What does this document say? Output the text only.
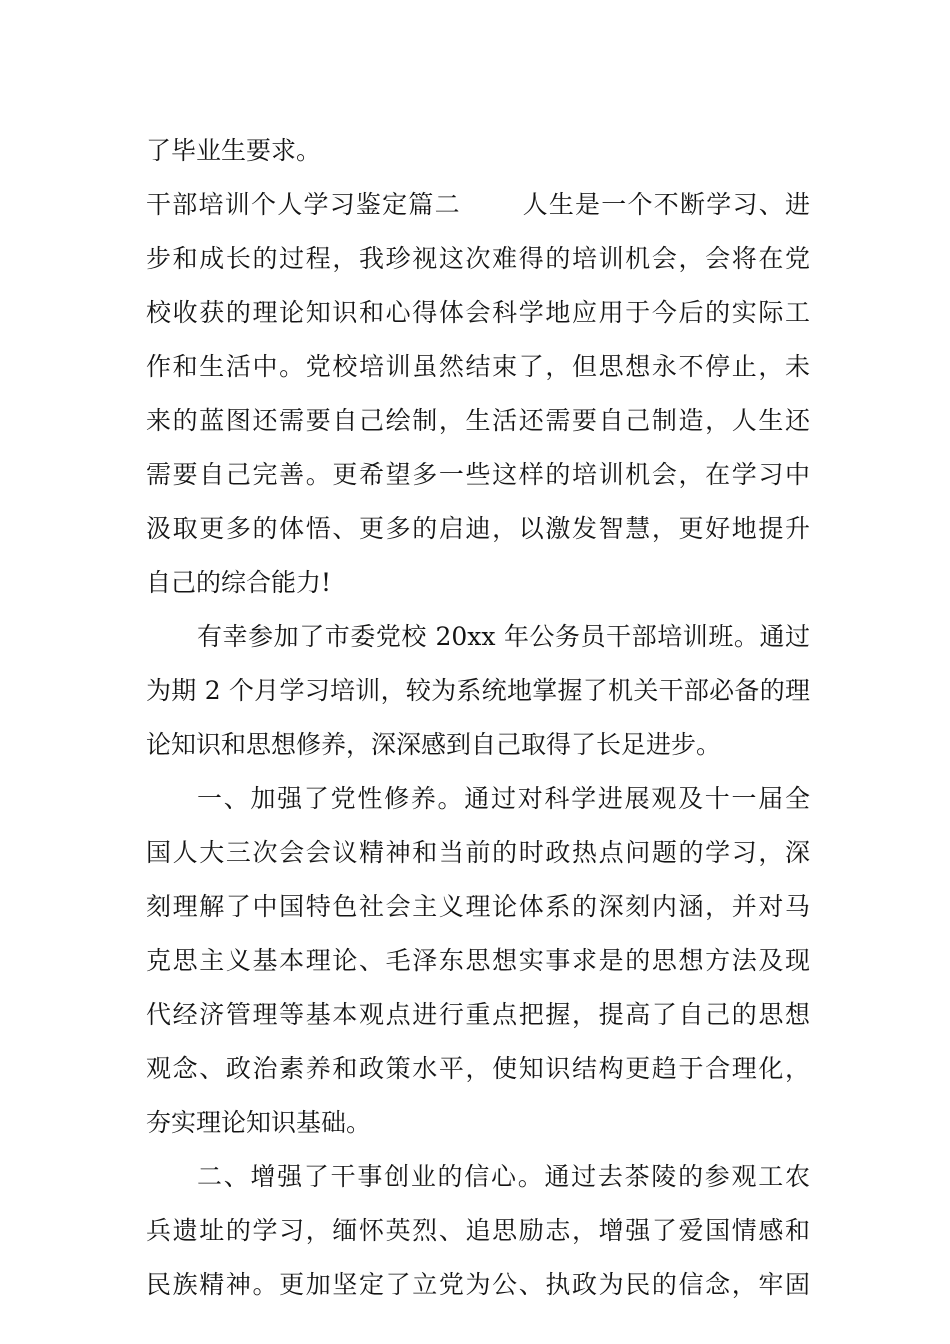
了毕业生要求。
干部培训个人学习鉴定篇二　　 人生是一个不断学习、进
步和成长的过程，我珍视这次难得的培训机会，会将在党
校收获的理论知识和心得体会科学地应用于今后的实际工
作和生活中。党校培训虽然结束了，但思想永不停止，未
来的蓝图还需要自己绘制，生活还需要自己制造，人生还
需要自己完善。更希望多一些这样的培训机会，在学习中
汲取更多的体悟、更多的启迪，以激发智慧，更好地提升
自己的综合能力!
有幸参加了市委党校 20xx 年公务员干部培训班。通过
为期 2 个月学习培训，较为系统地掌握了机关干部必备的理
论知识和思想修养，深深感到自己取得了长足进步。
一、加强了党性修养。通过对科学进展观及十一届全
国人大三次会会议精神和当前的时政热点问题的学习，深
刻理解了中国特色社会主义理论体系的深刻内涵，并对马
克思主义基本理论、毛泽东思想实事求是的思想方法及现
代经济管理等基本观点进行重点把握，提高了自己的思想
观念、政治素养和政策水平，使知识结构更趋于合理化，
夯实理论知识基础。
二、增强了干事创业的信心。通过去茶陵的参观工农
兵遗址的学习，缅怀英烈、追思励志，增强了爱国情感和
民族精神。更加坚定了立党为公、执政为民的信念，牢固
